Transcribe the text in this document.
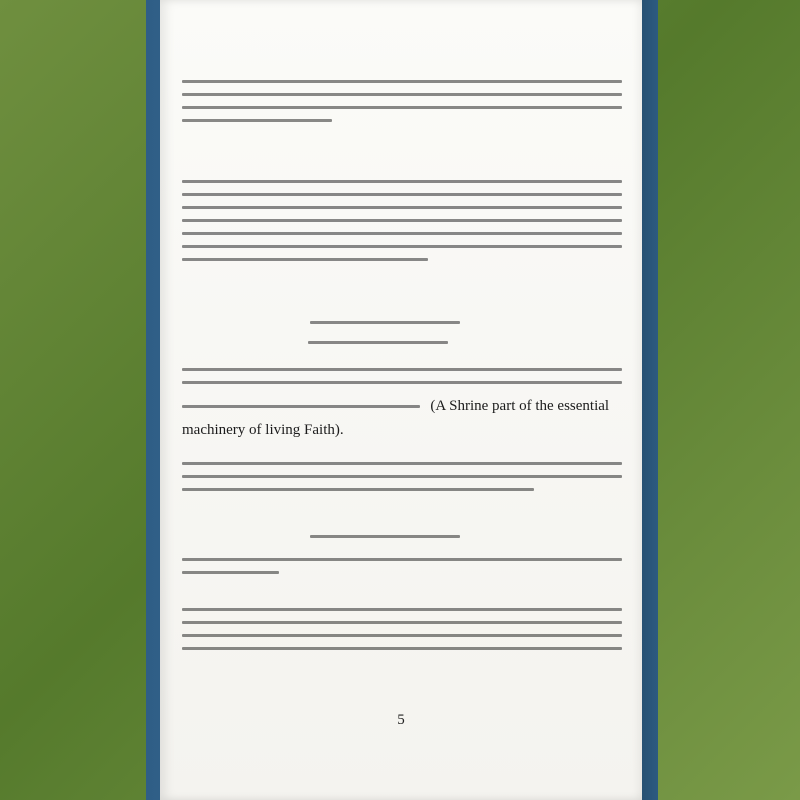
(A Shrine part of the essential machinery of living Faith).
5
